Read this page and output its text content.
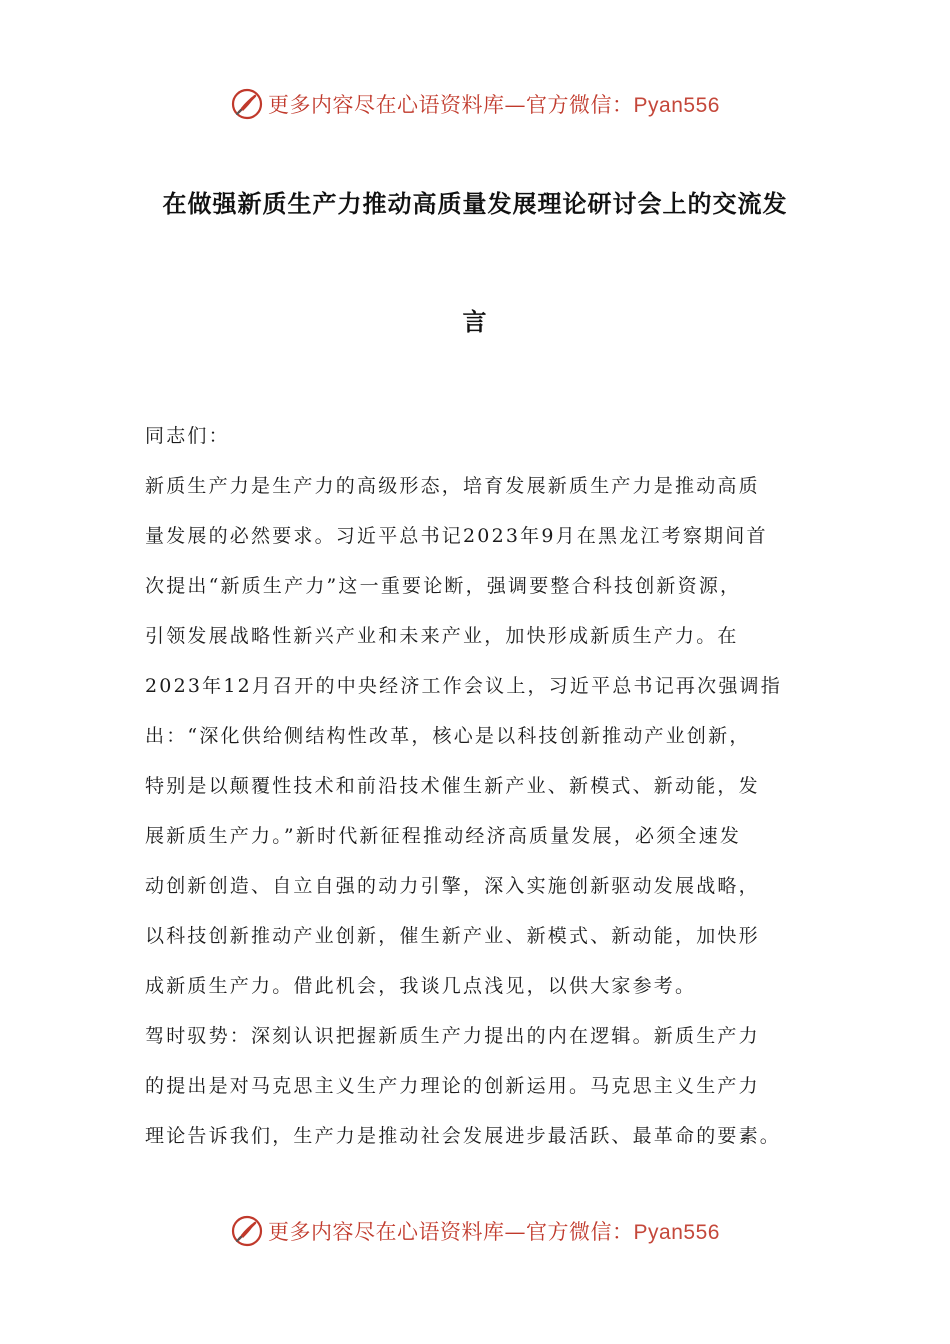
更多内容尽在心语资料库—官方微信：Pyan556
在做强新质生产力推动高质量发展理论研讨会上的交流发
言
同志们：
新质生产力是生产力的高级形态，培育发展新质生产力是推动高质
量发展的必然要求。习近平总书记2023年9月在黑龙江考察期间首
次提出“新质生产力”这一重要论断，强调要整合科技创新资源，
引领发展战略性新兴产业和未来产业，加快形成新质生产力。在
2023年12月召开的中央经济工作会议上，习近平总书记再次强调指
出：“深化供给侧结构性改革，核心是以科技创新推动产业创新，
特别是以颠覆性技术和前沿技术催生新产业、新模式、新动能，发
展新质生产力。”新时代新征程推动经济高质量发展，必须全速发
动创新创造、自立自强的动力引擎，深入实施创新驱动发展战略，
以科技创新推动产业创新，催生新产业、新模式、新动能，加快形
成新质生产力。借此机会，我谈几点浅见，以供大家参考。
驾时驭势：深刻认识把握新质生产力提出的内在逻辑。新质生产力
的提出是对马克思主义生产力理论的创新运用。马克思主义生产力
理论告诉我们，生产力是推动社会发展进步最活跃、最革命的要素。
更多内容尽在心语资料库—官方微信：Pyan556
